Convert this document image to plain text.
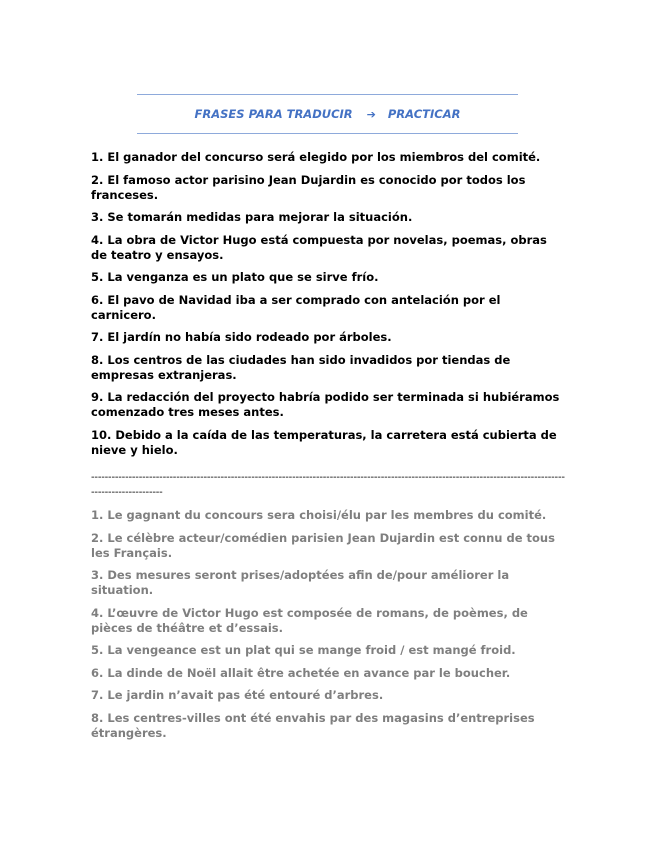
FRASES PARA TRADUCIR ➔ PRACTICAR

1. El ganador del concurso será elegido por los miembros del comité.

2. El famoso actor parisino Jean Dujardin es conocido por todos los franceses.

3. Se tomarán medidas para mejorar la situación.

4. La obra de Victor Hugo está compuesta por novelas, poemas, obras de teatro y ensayos.

5. La venganza es un plato que se sirve frío.

6. El pavo de Navidad iba a ser comprado con antelación por el carnicero.

7. El jardín no había sido rodeado por árboles.

8. Los centros de las ciudades han sido invadidos por tiendas de empresas extranjeras.

9. La redacción del proyecto habría podido ser terminada si hubiéramos comenzado tres meses antes.

10. Debido a la caída de las temperaturas, la carretera está cubierta de nieve y hielo.

----------------------------------------------------------------------------------------------------------------------------------------------------------------

1. Le gagnant du concours sera choisi/élu par les membres du comité.

2. Le célèbre acteur/comédien parisien Jean Dujardin est connu de tous les Français.

3. Des mesures seront prises/adoptées afin de/pour améliorer la situation.

4. L’œuvre de Victor Hugo est composée de romans, de poèmes, de pièces de théâtre et d’essais.

5. La vengeance est un plat qui se mange froid / est mangé froid.

6. La dinde de Noël allait être achetée en avance par le boucher.

7. Le jardin n’avait pas été entouré d’arbres.

8. Les centres-villes ont été envahis par des magasins d’entreprises étrangères.
